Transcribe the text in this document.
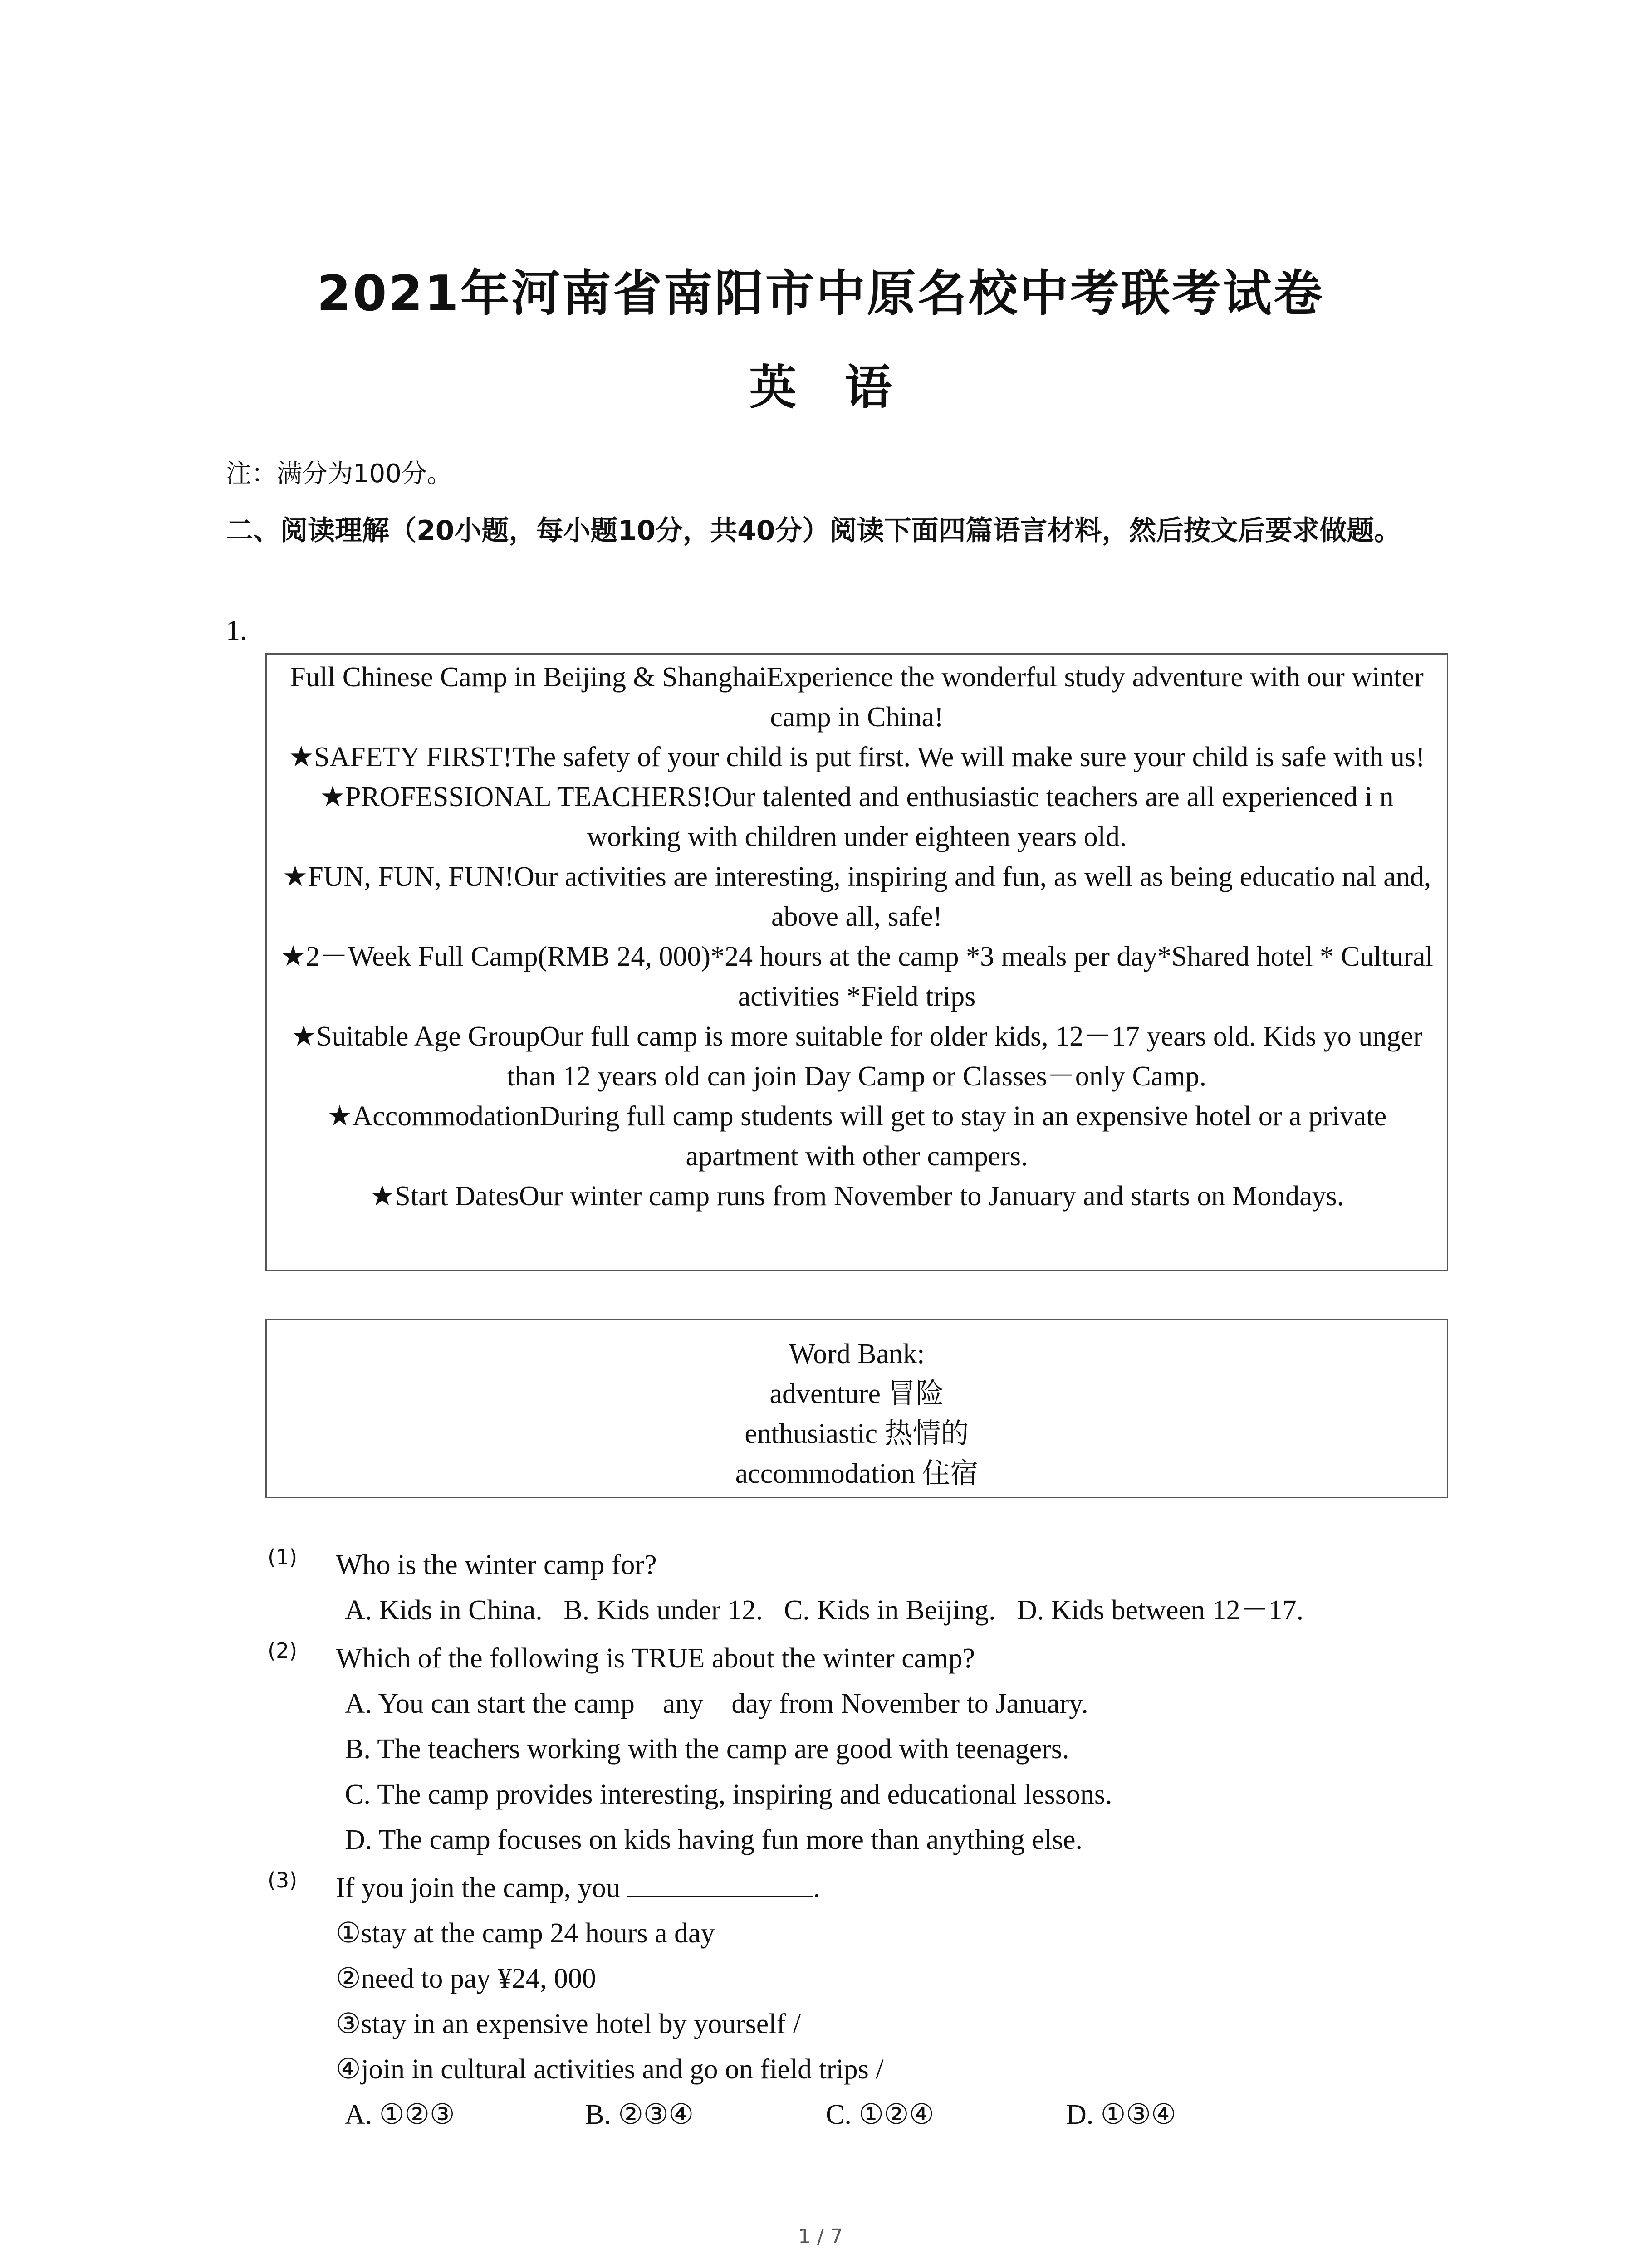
2021年河南省南阳市中原名校中考联考试卷
英 语
注：满分为100分。
二、阅读理解（20小题，每小题10分，共40分）阅读下面四篇语言材料，然后按文后要求做题。
1.

Full Chinese Camp in Beijing & ShanghaiExperience the wonderful study adventure with our winter camp in China!

★SAFETY FIRST!The safety of your child is put first. We will make sure your child is safe with us!

★PROFESSIONAL TEACHERS!Our talented and enthusiastic teachers are all experienced i n working with children under eighteen years old.

★FUN, FUN, FUN!Our activities are interesting, inspiring and fun, as well as being educatio nal and, above all, safe!

★2－Week Full Camp(RMB 24, 000)*24 hours at the camp *3 meals per day*Shared hotel * Cultural activities *Field trips

★Suitable Age GroupOur full camp is more suitable for older kids, 12－17 years old. Kids yo unger than 12 years old can join Day Camp or Classes－only Camp.

★AccommodationDuring full camp students will get to stay in an expensive hotel or a private apartment with other campers.

★Start DatesOur winter camp runs from November to January and starts on Mondays.

Word Bank:
adventure 冒险
enthusiastic 热情的
accommodation 住宿
(1) Who is the winter camp for?
A. Kids in China.   B. Kids under 12.   C. Kids in Beijing.   D. Kids between 12－17.
(2) Which of the following is TRUE about the winter camp?
A. You can start the camp    any    day from November to January.
B. The teachers working with the camp are good with teenagers.
C. The camp provides interesting, inspiring and educational lessons.
D. The camp focuses on kids having fun more than anything else.
(3) If you join the camp, you	.
①stay at the camp 24 hours a day
②need to pay ¥24, 000
③stay in an expensive hotel by yourself /
④join in cultural activities and go on field trips /
A. ①②③	B. ②③④	C. ①②④	D. ①③④
1 / 7
